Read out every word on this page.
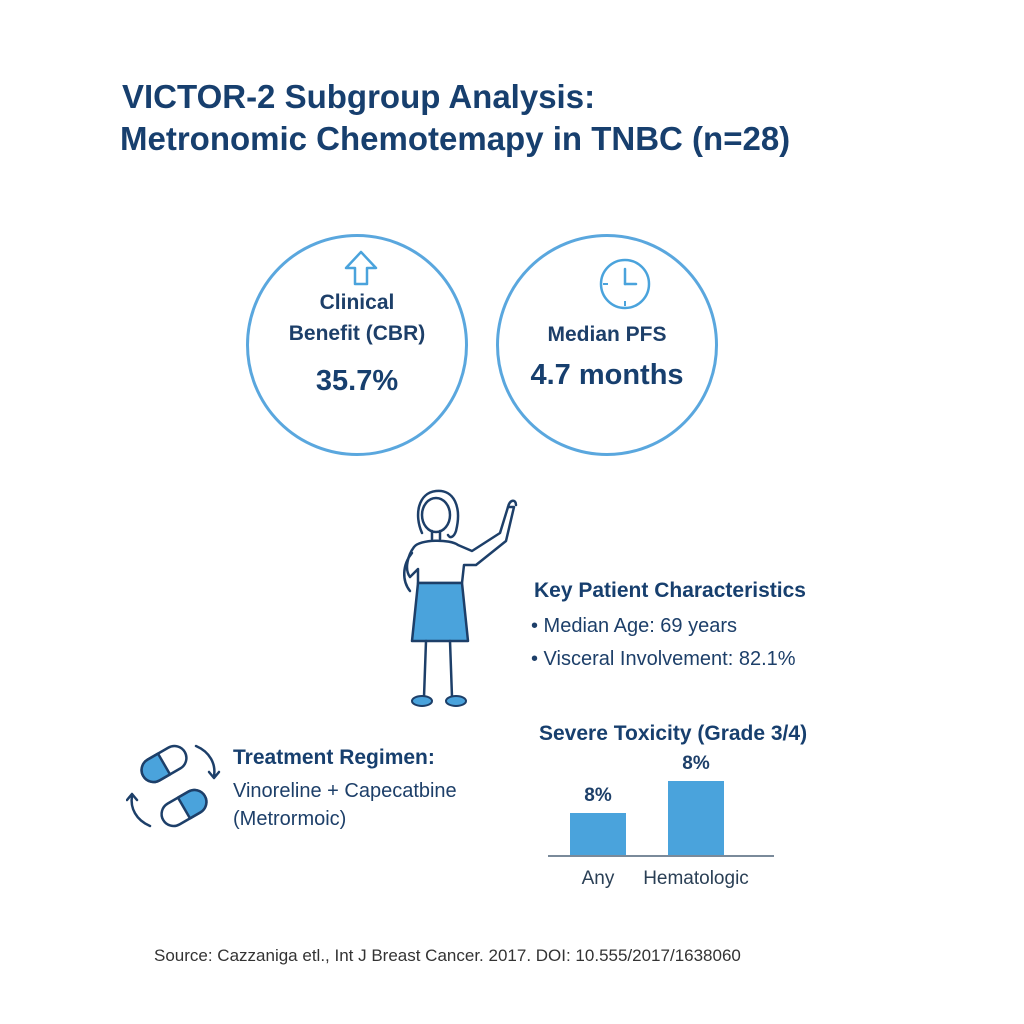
VICTOR-2 Subgroup Analysis:
Metronomic Chemotemapy in TNBC (n=28)
Clinical
Benefit (CBR)
35.7%
Median PFS
4.7 months
Key Patient Characteristics
• Median Age: 69 years
• Visceral Involvement: 82.1%
Treatment Regimen:
Vinoreline + Capecatbine
(Metrormoic)
Severe Toxicity (Grade 3/4)
8%
Any
8%
Hematologic
Source: Cazzaniga etl., Int J Breast Cancer. 2017. DOI: 10.555/2017/1638060
